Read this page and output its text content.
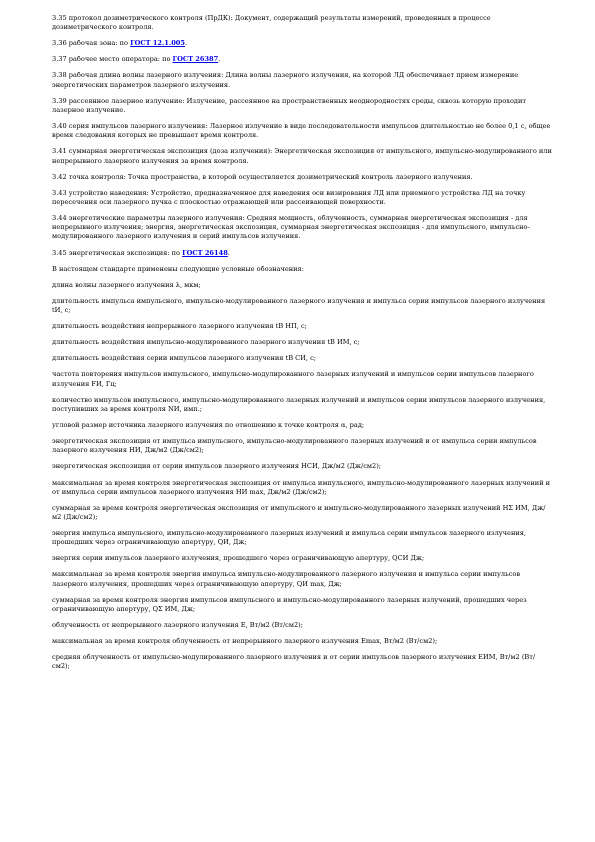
3.35 протокол дозиметрического контроля (ПрДК): Документ, содержащий результаты измерений, проведенных в процессе дозиметрического контроля.

3.36 рабочая зона: по ГОСТ 12.1.005.

3.37 рабочее место оператора: по ГОСТ 26387.

3.38 рабочая длина волны лазерного излучения: Длина волны лазерного излучения, на которой ЛД обеспечивает прием измерение энергетических параметров лазерного излучения.

3.39 рассеянное лазерное излучение: Излучение, рассеянное на пространственных неоднородностях среды, сквозь которую проходит лазерное излучение.

3.40 серия импульсов лазерного излучения: Лазерное излучение в виде последовательности импульсов длительностью не более 0,1 с, общее время следования которых не превышает время контроля.

3.41 суммарная энергетическая экспозиция (доза излучения): Энергетическая экспозиция от импульсного, импульсно-модулированного или непрерывного лазерного излучения за время контроля.

3.42 точка контроля: Точка пространства, в которой осуществляется дозиметрический контроль лазерного излучения.

3.43 устройство наведения: Устройство, предназначенное для наведения оси визирования ЛД или приемного устройства ЛД на точку пересечения оси лазерного пучка с плоскостью отражающей или рассеивающей поверхности.

3.44 энергетические параметры лазерного излучения: Средняя мощность, облученность, суммарная энергетическая экспозиция - для непрерывного излучения; энергия, энергетическая экспозиция, суммарная энергетическая экспозиция - для импульсного, импульсно-модулированного лазерного излучения и серий импульсов излучения.

3.45 энергетическая экспозиция: по ГОСТ 26148.

В настоящем стандарте применены следующие условные обозначения:

длина волны лазерного излучения λ, мкм;

длительность импульса импульсного, импульсно-модулированного лазерного излучения и импульса серии импульсов лазерного излучения tИ, с;

длительность воздействия непрерывного лазерного излучения tВ НП, с;

длительность воздействия импульсно-модулированного лазерного излучения tВ ИМ, с;

длительность воздействия серии импульсов лазерного излучения tВ СИ, с;

частота повторения импульсов импульсного, импульсно-модулированного лазерных излучений и импульсов серии импульсов лазерного излучения FИ, Гц;

количество импульсов импульсного, импульсно-модулированного лазерных излучений и импульсов серии импульсов лазерного излучения, поступивших за время контроля NИ, имп.;

угловой размер источника лазерного излучения по отношению к точке контроля α, рад;

энергетическая экспозиция от импульса импульсного, импульсно-модулированного лазерных излучений и от импульса серии импульсов лазерного излучения HИ, Дж/м2 (Дж/см2);

энергетическая экспозиция от серии импульсов лазерного излучения HСИ, Дж/м2 (Дж/см2);

максимальная за время контроля энергетическая экспозиция от импульса импульсного, импульсно-модулированного лазерных излучений и от импульса серии импульсов лазерного излучения HИ max, Дж/м2 (Дж/см2);

суммарная за время контроля энергетическая экспозиция от импульсного и импульсно-модулированного лазерных излучений HΣ ИМ, Дж/м2 (Дж/см2);

энергия импульса импульсного, импульсно-модулированного лазерных излучений и импульса серии импульсов лазерного излучения, прошедших через ограничивающую апертуру, QИ, Дж;

энергия серии импульсов лазерного излучения, прошедшего через ограничивающую апертуру, QСИ Дж;

максимальная за время контроля энергия импульса импульсно-модулированного лазерного излучения и импульса серии импульсов лазерного излучения, прошедших через ограничивающую апертуру, QИ max, Дж;

суммарная за время контроля энергия импульсов импульсного и импульсно-модулированного лазерных излучений, прошедших через ограничивающую апертуру, QΣ ИМ, Дж;

облученность от непрерывного лазерного излучения E, Вт/м2 (Вт/см2);

максимальная за время контроля облученность от непрерывного лазерного излучения Emax, Вт/м2 (Вт/см2);

средняя облученность от импульсно-модулированного лазерного излучения и от серии импульсов лазерного излучения EИМ, Вт/м2 (Вт/см2);
